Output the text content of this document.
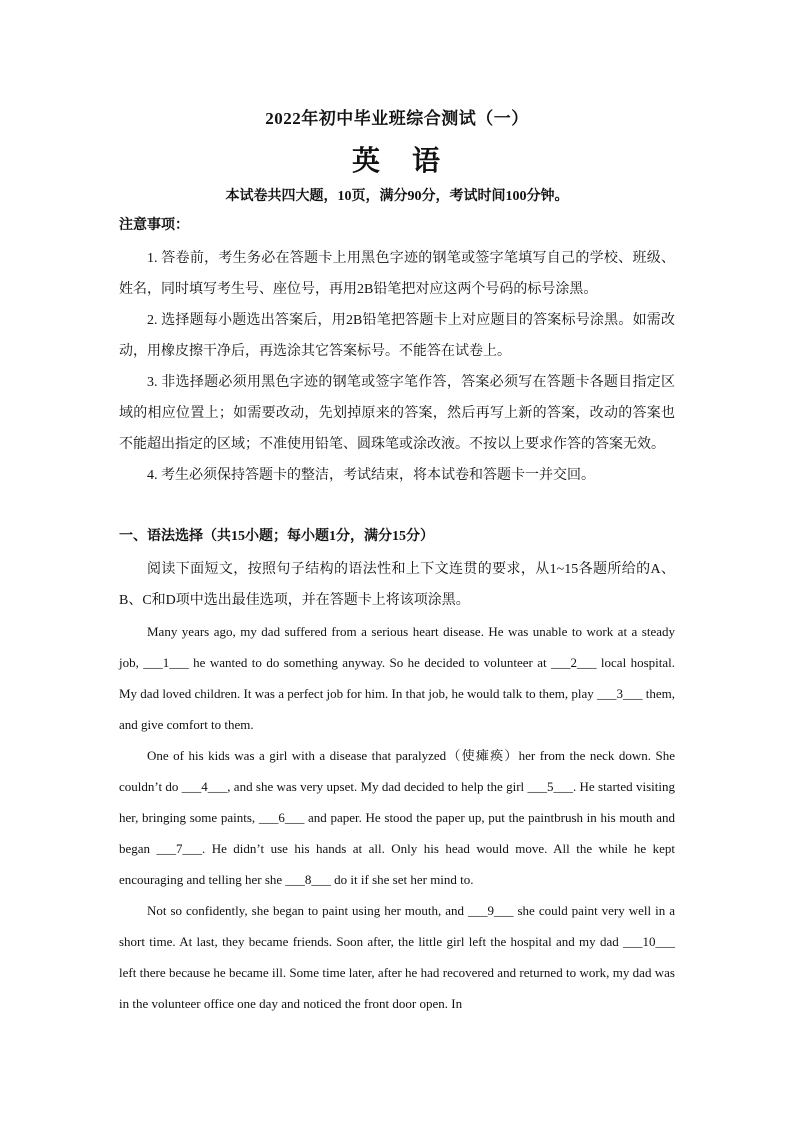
2022年初中毕业班综合测试（一）
英　语
本试卷共四大题，10页，满分90分，考试时间100分钟。
注意事项：

1. 答卷前，考生务必在答题卡上用黑色字迹的钢笔或签字笔填写自己的学校、班级、姓名，同时填写考生号、座位号，再用2B铅笔把对应这两个号码的标号涂黑。

2. 选择题每小题选出答案后，用2B铅笔把答题卡上对应题目的答案标号涂黑。如需改动，用橡皮擦干净后，再选涂其它答案标号。不能答在试卷上。

3. 非选择题必须用黑色字迹的钢笔或签字笔作答，答案必须写在答题卡各题目指定区域的相应位置上；如需要改动，先划掉原来的答案，然后再写上新的答案，改动的答案也不能超出指定的区域；不准使用铅笔、圆珠笔或涂改液。不按以上要求作答的答案无效。

4. 考生必须保持答题卡的整洁，考试结束，将本试卷和答题卡一并交回。

一、语法选择（共15小题；每小题1分，满分15分）

阅读下面短文，按照句子结构的语法性和上下文连贯的要求，从1~15各题所给的A、B、C和D项中选出最佳选项，并在答题卡上将该项涂黑。

Many years ago, my dad suffered from a serious heart disease. He was unable to work at a steady job, ___1___ he wanted to do something anyway. So he decided to volunteer at ___2___ local hospital. My dad loved children. It was a perfect job for him. In that job, he would talk to them, play ___3___ them, and give comfort to them.

One of his kids was a girl with a disease that paralyzed（使瘫痪）her from the neck down. She couldn’t do ___4___, and she was very upset. My dad decided to help the girl ___5___. He started visiting her, bringing some paints, ___6___ and paper. He stood the paper up, put the paintbrush in his mouth and began ___7___. He didn’t use his hands at all. Only his head would move. All the while he kept encouraging and telling her she ___8___ do it if she set her mind to.

Not so confidently, she began to paint using her mouth, and ___9___ she could paint very well in a short time. At last, they became friends. Soon after, the little girl left the hospital and my dad ___10___ left there because he became ill. Some time later, after he had recovered and returned to work, my dad was in the volunteer office one day and noticed the front door open. In
